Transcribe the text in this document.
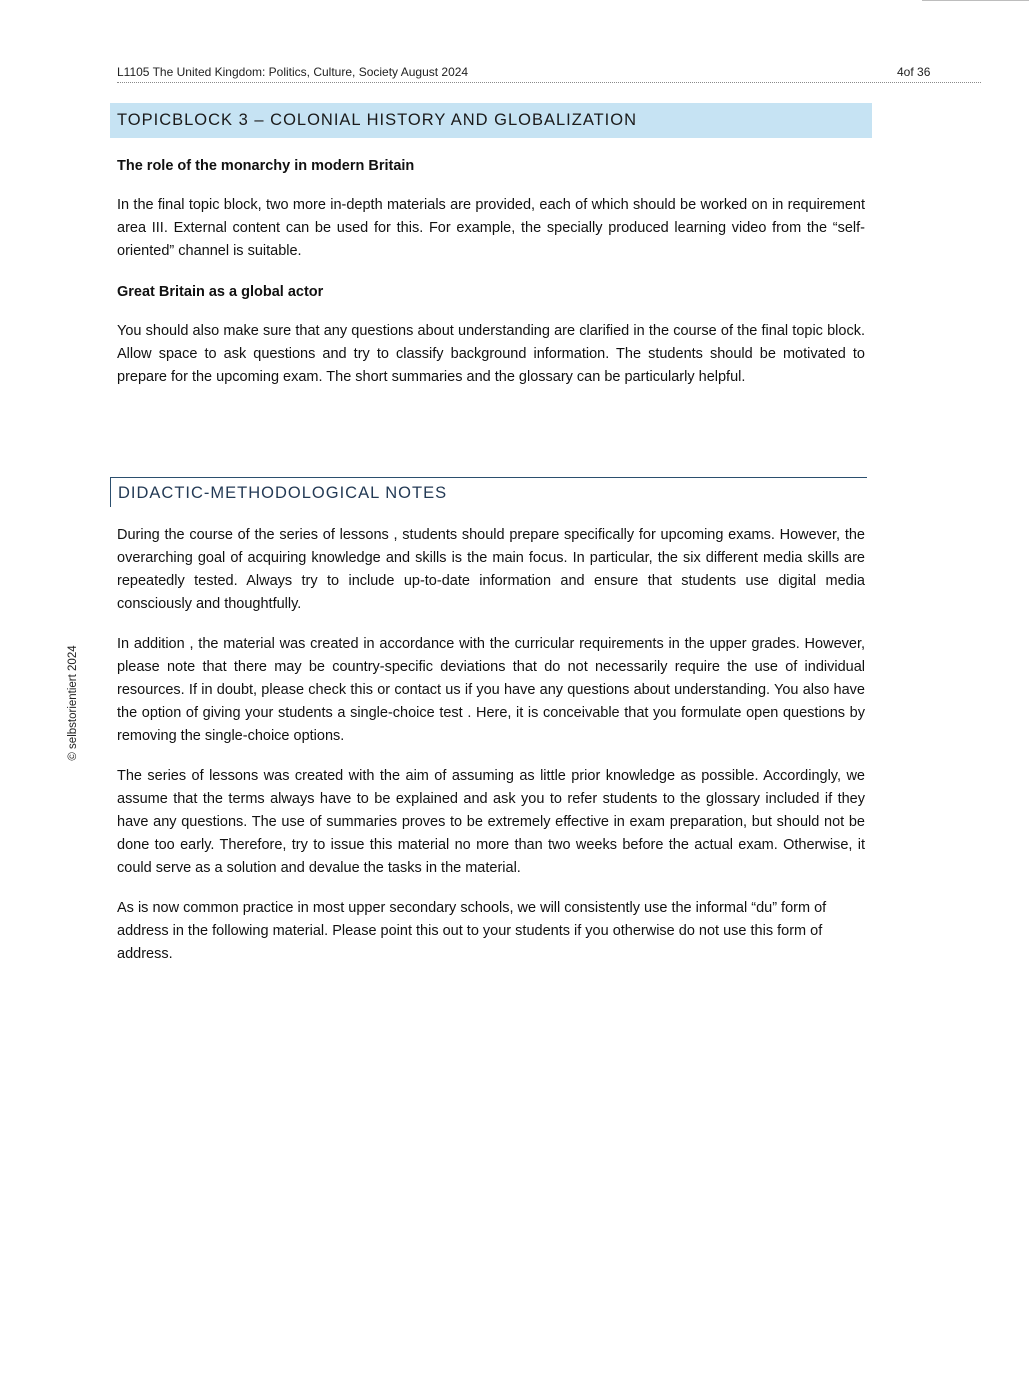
L1105 The United Kingdom: Politics, Culture, Society August 2024	4of 36
© selbstorientiert 2024
TOPICBLOCK 3 – COLONIAL HISTORY AND GLOBALIZATION
The role of the monarchy in modern Britain

In the final topic block, two more in-depth materials are provided, each of which should be worked on in requirement area III. External content can be used for this. For example, the specially produced learning video from the “self-oriented” channel is suitable.

Great Britain as a global actor

You should also make sure that any questions about understanding are clarified in the course of the final topic block. Allow space to ask questions and try to classify background information. The students should be motivated to prepare for the upcoming exam. The short summaries and the glossary can be particularly helpful.

DIDACTIC-METHODOLOGICAL NOTES

During the course of the series of lessons , students should prepare specifically for upcoming exams. However, the overarching goal of acquiring knowledge and skills is the main focus. In particular, the six different media skills are repeatedly tested. Always try to include up-to-date information and ensure that students use digital media consciously and thoughtfully.

In addition , the material was created in accordance with the curricular requirements in the upper grades. However, please note that there may be country-specific deviations that do not necessarily require the use of individual resources. If in doubt, please check this or contact us if you have any questions about understanding. You also have the option of giving your students a single-choice test . Here, it is conceivable that you formulate open questions by removing the single-choice options.

The series of lessons was created with the aim of assuming as little prior knowledge as possible. Accordingly, we assume that the terms always have to be explained and ask you to refer students to the glossary included if they have any questions. The use of summaries proves to be extremely effective in exam preparation, but should not be done too early. Therefore, try to issue this material no more than two weeks before the actual exam. Otherwise, it could serve as a solution and devalue the tasks in the material.

As is now common practice in most upper secondary schools, we will consistently use the informal “du” form of address in the following material. Please point this out to your students if you otherwise do not use this form of address.
